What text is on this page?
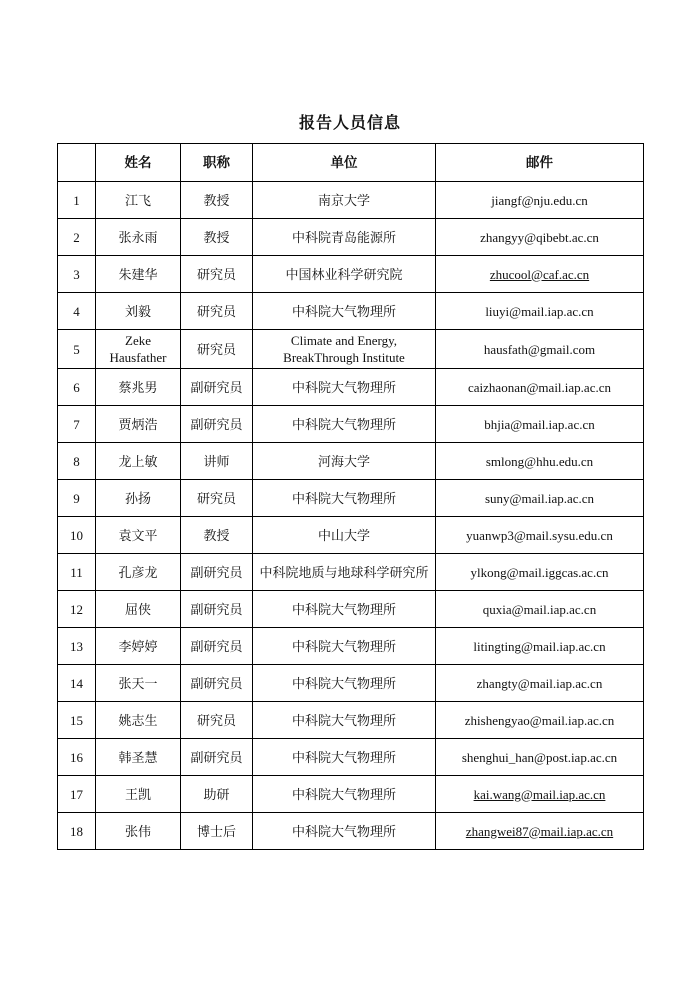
报告人员信息
	姓名	职称	单位	邮件
1	江飞	教授	南京大学	jiangf@nju.edu.cn
2	张永雨	教授	中科院青岛能源所	zhangyy@qibebt.ac.cn
3	朱建华	研究员	中国林业科学研究院	zhucool@caf.ac.cn
4	刘毅	研究员	中科院大气物理所	liuyi@mail.iap.ac.cn
5	Zeke Hausfather	研究员	Climate and Energy, BreakThrough Institute	hausfath@gmail.com
6	蔡兆男	副研究员	中科院大气物理所	caizhaonan@mail.iap.ac.cn
7	贾炳浩	副研究员	中科院大气物理所	bhjia@mail.iap.ac.cn
8	龙上敏	讲师	河海大学	smlong@hhu.edu.cn
9	孙扬	研究员	中科院大气物理所	suny@mail.iap.ac.cn
10	袁文平	教授	中山大学	yuanwp3@mail.sysu.edu.cn
11	孔彦龙	副研究员	中科院地质与地球科学研究所	ylkong@mail.iggcas.ac.cn
12	屈侠	副研究员	中科院大气物理所	quxia@mail.iap.ac.cn
13	李婷婷	副研究员	中科院大气物理所	litingting@mail.iap.ac.cn
14	张天一	副研究员	中科院大气物理所	zhangty@mail.iap.ac.cn
15	姚志生	研究员	中科院大气物理所	zhishengyao@mail.iap.ac.cn
16	韩圣慧	副研究员	中科院大气物理所	shenghui_han@post.iap.ac.cn
17	王凯	助研	中科院大气物理所	kai.wang@mail.iap.ac.cn
18	张伟	博士后	中科院大气物理所	zhangwei87@mail.iap.ac.cn
